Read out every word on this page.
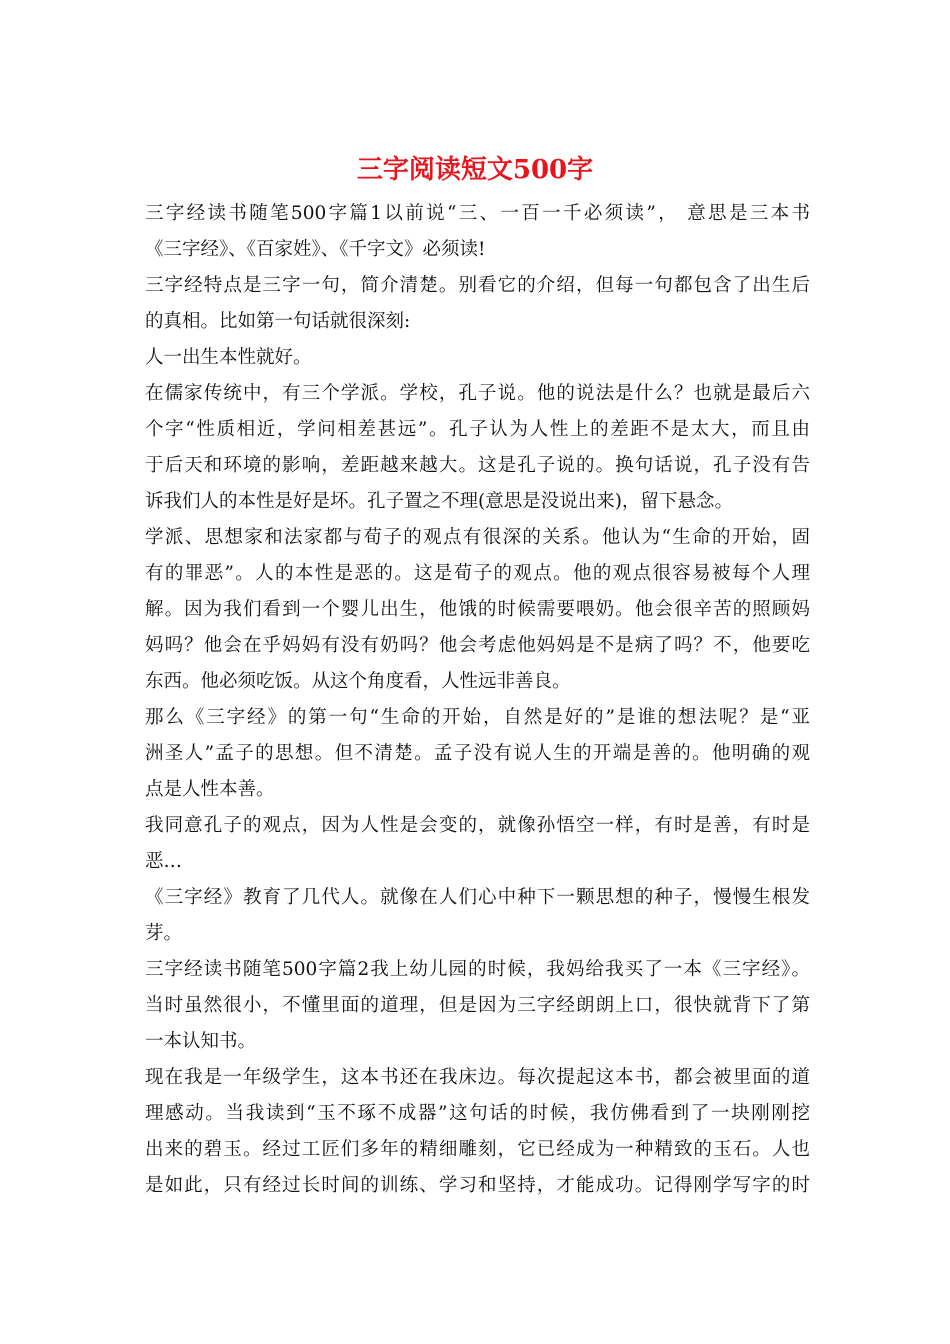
三字阅读短文500字

三字经读书随笔500字篇1以前说“三、一百一千必须读”， 意思是三本书

《三字经》、《百家姓》、《千字文》必须读!

三字经特点是三字一句，简介清楚。别看它的介绍，但每一句都包含了出生后

的真相。比如第一句话就很深刻:

人一出生本性就好。

在儒家传统中，有三个学派。学校，孔子说。他的说法是什么？也就是最后六

个字“性质相近，学问相差甚远”。孔子认为人性上的差距不是太大，而且由

于后天和环境的影响，差距越来越大。这是孔子说的。换句话说，孔子没有告

诉我们人的本性是好是坏。孔子置之不理(意思是没说出来)，留下悬念。

学派、思想家和法家都与荀子的观点有很深的关系。他认为“生命的开始，固

有的罪恶”。人的本性是恶的。这是荀子的观点。他的观点很容易被每个人理

解。因为我们看到一个婴儿出生，他饿的时候需要喂奶。他会很辛苦的照顾妈

妈吗？他会在乎妈妈有没有奶吗？他会考虑他妈妈是不是病了吗？不，他要吃

东西。他必须吃饭。从这个角度看，人性远非善良。

那么《三字经》的第一句“生命的开始，自然是好的”是谁的想法呢？是“亚

洲圣人”孟子的思想。但不清楚。孟子没有说人生的开端是善的。他明确的观

点是人性本善。

我同意孔子的观点，因为人性是会变的，就像孙悟空一样，有时是善，有时是

恶…

《三字经》教育了几代人。就像在人们心中种下一颗思想的种子，慢慢生根发

芽。

三字经读书随笔500字篇2我上幼儿园的时候，我妈给我买了一本《三字经》。

当时虽然很小，不懂里面的道理，但是因为三字经朗朗上口，很快就背下了第

一本认知书。

现在我是一年级学生，这本书还在我床边。每次提起这本书，都会被里面的道

理感动。当我读到“玉不琢不成器”这句话的时候，我仿佛看到了一块刚刚挖

出来的碧玉。经过工匠们多年的精细雕刻，它已经成为一种精致的玉石。人也

是如此，只有经过长时间的训练、学习和坚持，才能成功。记得刚学写字的时
